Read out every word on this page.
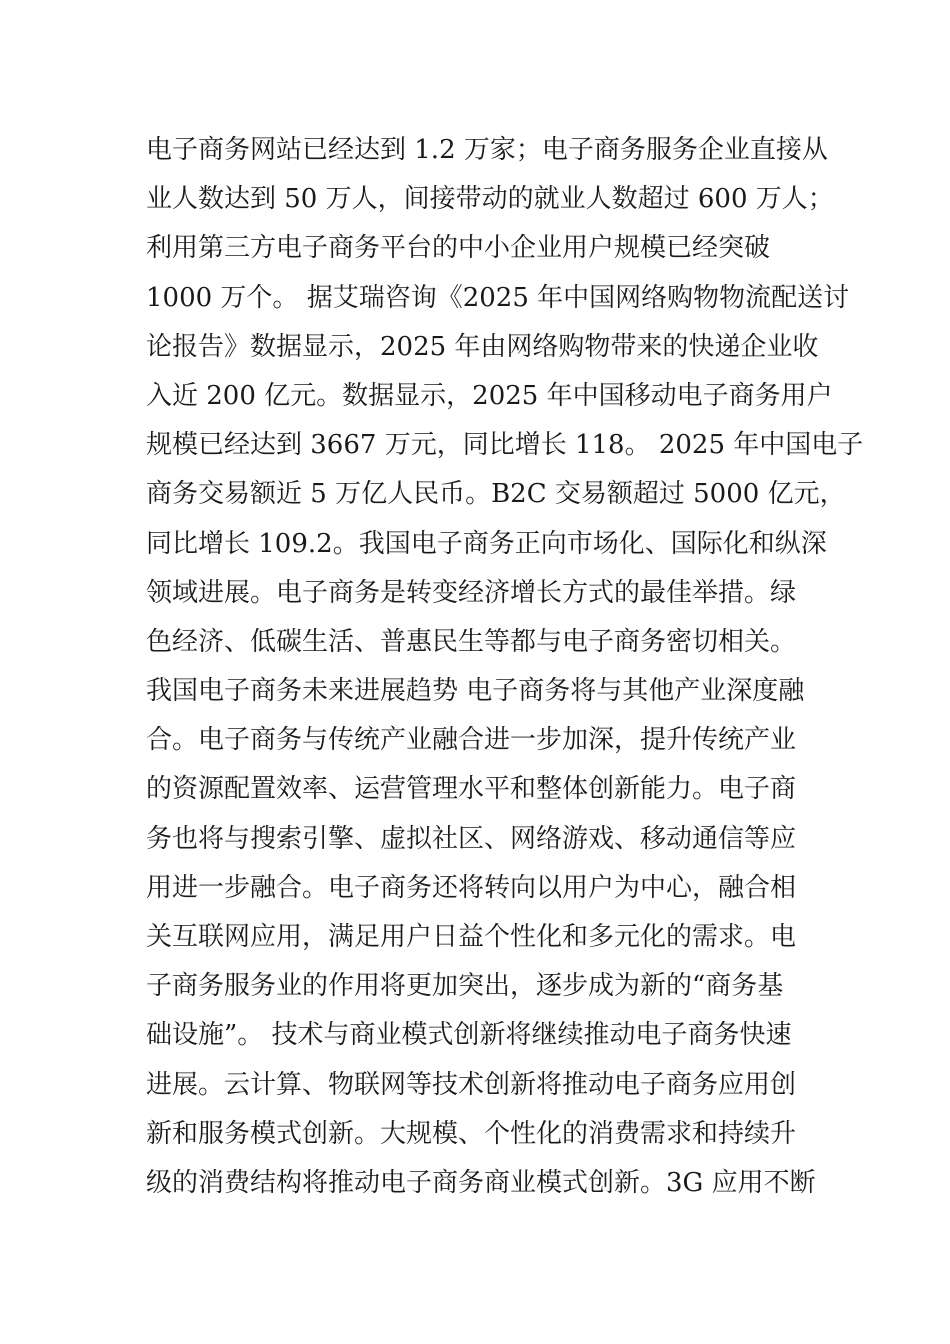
电子商务网站已经达到 1.2 万家；电子商务服务企业直接从
业人数达到 50 万人，间接带动的就业人数超过 600 万人；
利用第三方电子商务平台的中小企业用户规模已经突破
1000 万个。 据艾瑞咨询《2025 年中国网络购物物流配送讨
论报告》数据显示，2025 年由网络购物带来的快递企业收
入近 200 亿元。数据显示，2025 年中国移动电子商务用户
规模已经达到 3667 万元，同比增长 118。 2025 年中国电子
商务交易额近 5 万亿人民币。B2C 交易额超过 5000 亿元，
同比增长 109.2。我国电子商务正向市场化、国际化和纵深
领域进展。电子商务是转变经济增长方式的最佳举措。绿
色经济、低碳生活、普惠民生等都与电子商务密切相关。
我国电子商务未来进展趋势 电子商务将与其他产业深度融
合。电子商务与传统产业融合进一步加深，提升传统产业
的资源配置效率、运营管理水平和整体创新能力。电子商
务也将与搜索引擎、虚拟社区、网络游戏、移动通信等应
用进一步融合。电子商务还将转向以用户为中心，融合相
关互联网应用，满足用户日益个性化和多元化的需求。电
子商务服务业的作用将更加突出，逐步成为新的“商务基
础设施”。 技术与商业模式创新将继续推动电子商务快速
进展。云计算、物联网等技术创新将推动电子商务应用创
新和服务模式创新。大规模、个性化的消费需求和持续升
级的消费结构将推动电子商务商业模式创新。3G 应用不断
